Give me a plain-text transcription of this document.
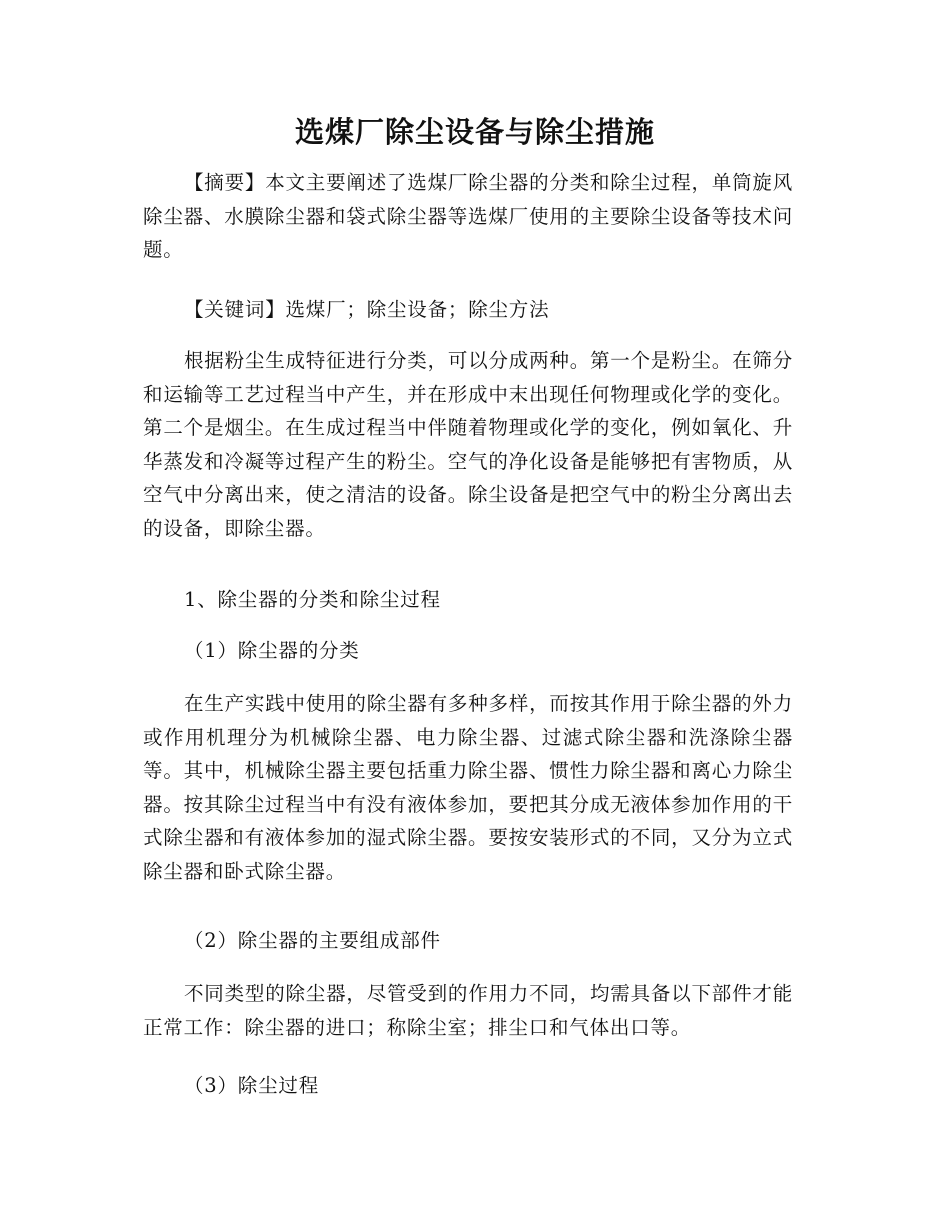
选煤厂除尘设备与除尘措施
【摘要】本文主要阐述了选煤厂除尘器的分类和除尘过程，单筒旋风除尘器、水膜除尘器和袋式除尘器等选煤厂使用的主要除尘设备等技术问题。
【关键词】选煤厂；除尘设备；除尘方法
根据粉尘生成特征进行分类，可以分成两种。第一个是粉尘。在筛分和运输等工艺过程当中产生，并在形成中末出现任何物理或化学的变化。第二个是烟尘。在生成过程当中伴随着物理或化学的变化，例如氧化、升华蒸发和冷凝等过程产生的粉尘。空气的净化设备是能够把有害物质，从空气中分离出来，使之清洁的设备。除尘设备是把空气中的粉尘分离出去的设备，即除尘器。
1、除尘器的分类和除尘过程
（1）除尘器的分类
在生产实践中使用的除尘器有多种多样，而按其作用于除尘器的外力或作用机理分为机械除尘器、电力除尘器、过滤式除尘器和洗涤除尘器等。其中，机械除尘器主要包括重力除尘器、惯性力除尘器和离心力除尘器。按其除尘过程当中有没有液体参加，要把其分成无液体参加作用的干式除尘器和有液体参加的湿式除尘器。要按安装形式的不同，又分为立式除尘器和卧式除尘器。
（2）除尘器的主要组成部件
不同类型的除尘器，尽管受到的作用力不同，均需具备以下部件才能正常工作：除尘器的进口；称除尘室；排尘口和气体出口等。
（3）除尘过程
